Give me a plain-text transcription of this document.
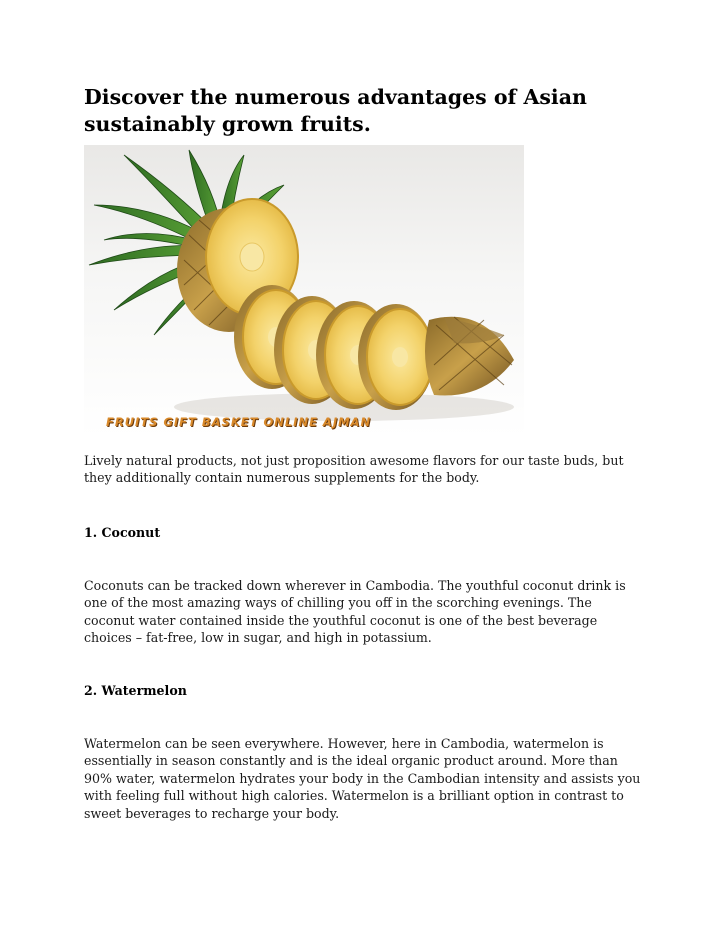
Discover the numerous advantages of Asian sustainably grown fruits.
FRUITS GIFT BASKET ONLINE AJMAN

Lively natural products, not just proposition awesome flavors for our taste buds, but they additionally contain numerous supplements for the body.

1. Coconut

Coconuts can be tracked down wherever in Cambodia. The youthful coconut drink is one of the most amazing ways of chilling you off in the scorching evenings. The coconut water contained inside the youthful coconut is one of the best beverage choices – fat-free, low in sugar, and high in potassium.

2. Watermelon

Watermelon can be seen everywhere. However, here in Cambodia, watermelon is essentially in season constantly and is the ideal organic product around. More than 90% water, watermelon hydrates your body in the Cambodian intensity and assists you with feeling full without high calories. Watermelon is a brilliant option in contrast to sweet beverages to recharge your body.
